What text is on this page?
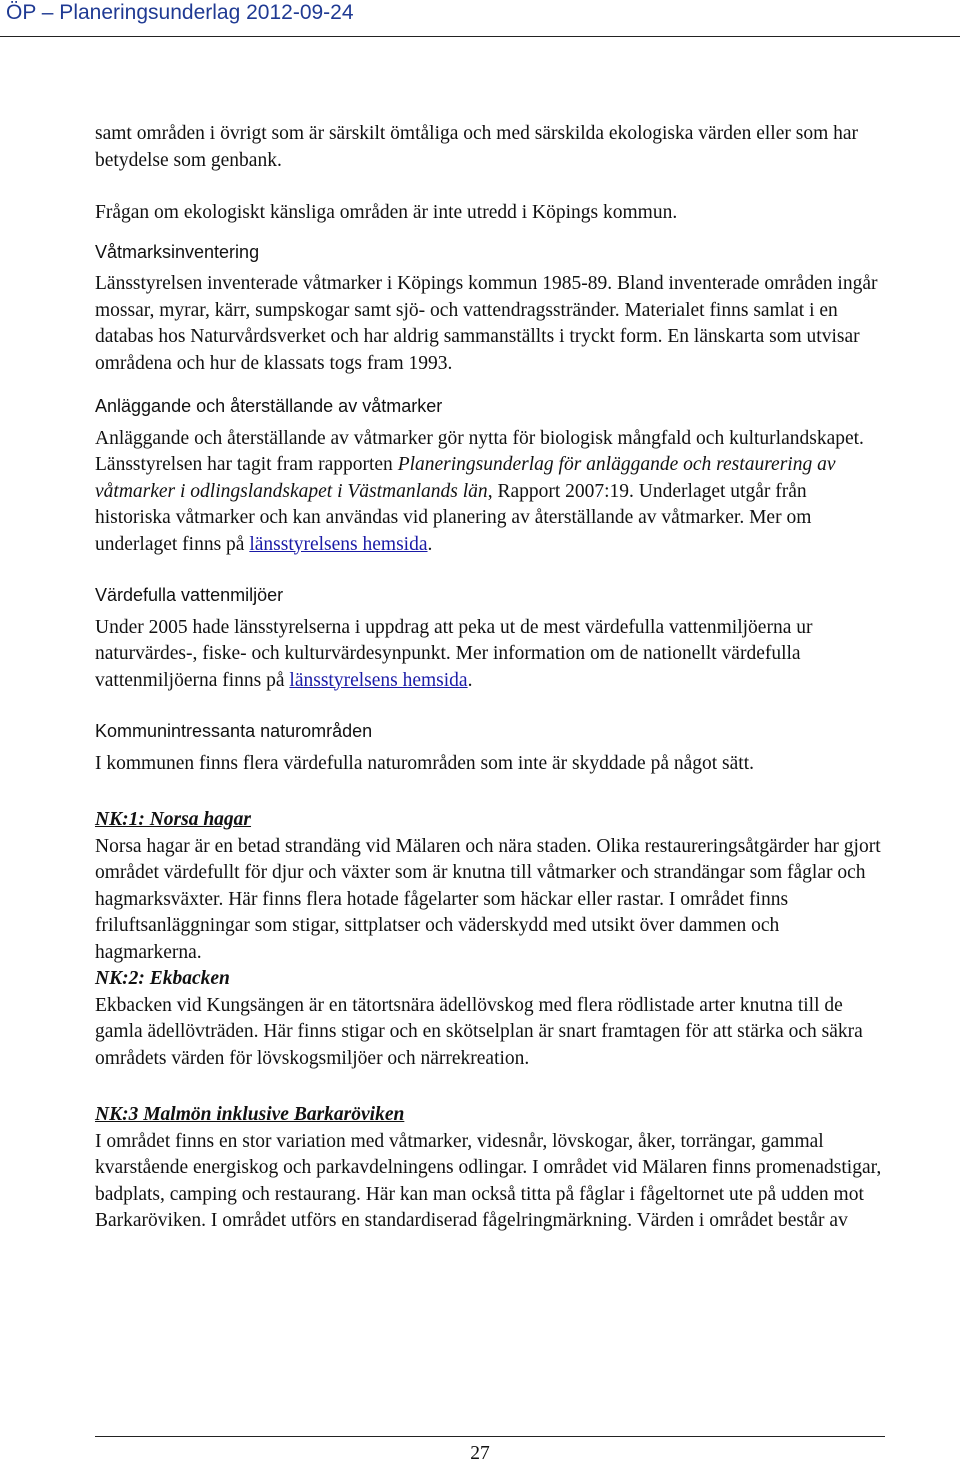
ÖP – Planeringsunderlag 2012-09-24

samt områden i övrigt som är särskilt ömtåliga och med särskilda ekologiska värden eller som har betydelse som genbank.

Frågan om ekologiskt känsliga områden är inte utredd i Köpings kommun.

Våtmarksinventering

Länsstyrelsen inventerade våtmarker i Köpings kommun 1985-89. Bland inventerade områden ingår mossar, myrar, kärr, sumpskogar samt sjö- och vattendragsstränder. Materialet finns samlat i en databas hos Naturvårdsverket och har aldrig sammanställts i tryckt form. En länskarta som utvisar områdena och hur de klassats togs fram 1993.

Anläggande och återställande av våtmarker

Anläggande och återställande av våtmarker gör nytta för biologisk mångfald och kulturlandskapet. Länsstyrelsen har tagit fram rapporten Planeringsunderlag för anläggande och restaurering av våtmarker i odlingslandskapet i Västmanlands län, Rapport 2007:19. Underlaget utgår från historiska våtmarker och kan användas vid planering av återställande av våtmarker. Mer om underlaget finns på länsstyrelsens hemsida.

Värdefulla vattenmiljöer

Under 2005 hade länsstyrelserna i uppdrag att peka ut de mest värdefulla vattenmiljöerna ur naturvärdes-, fiske- och kulturvärdesynpunkt. Mer information om de nationellt värdefulla vattenmiljöerna finns på länsstyrelsens hemsida.

Kommunintressanta naturområden

I kommunen finns flera värdefulla naturområden som inte är skyddade på något sätt.

NK:1: Norsa hagar

Norsa hagar är en betad strandäng vid Mälaren och nära staden. Olika restaureringsåtgärder har gjort området värdefullt för djur och växter som är knutna till våtmarker och strandängar som fåglar och hagmarksväxter. Här finns flera hotade fågelarter som häckar eller rastar. I området finns friluftsanläggningar som stigar, sittplatser och väderskydd med utsikt över dammen och hagmarkerna.

NK:2: Ekbacken

Ekbacken vid Kungsängen är en tätortsnära ädellövskog med flera rödlistade arter knutna till de gamla ädellövträden. Här finns stigar och en skötselplan är snart framtagen för att stärka och säkra områdets värden för lövskogsmiljöer och närrekreation.

NK:3 Malmön inklusive Barkaröviken

I området finns en stor variation med våtmarker, videsnår, lövskogar, åker, torrängar, gammal kvarstående energiskog och parkavdelningens odlingar. I området vid Mälaren finns promenadstigar, badplats, camping och restaurang. Här kan man också titta på fåglar i fågeltornet ute på udden mot Barkaröviken. I området utförs en standardiserad fågelringmärkning. Värden i området består av

27
